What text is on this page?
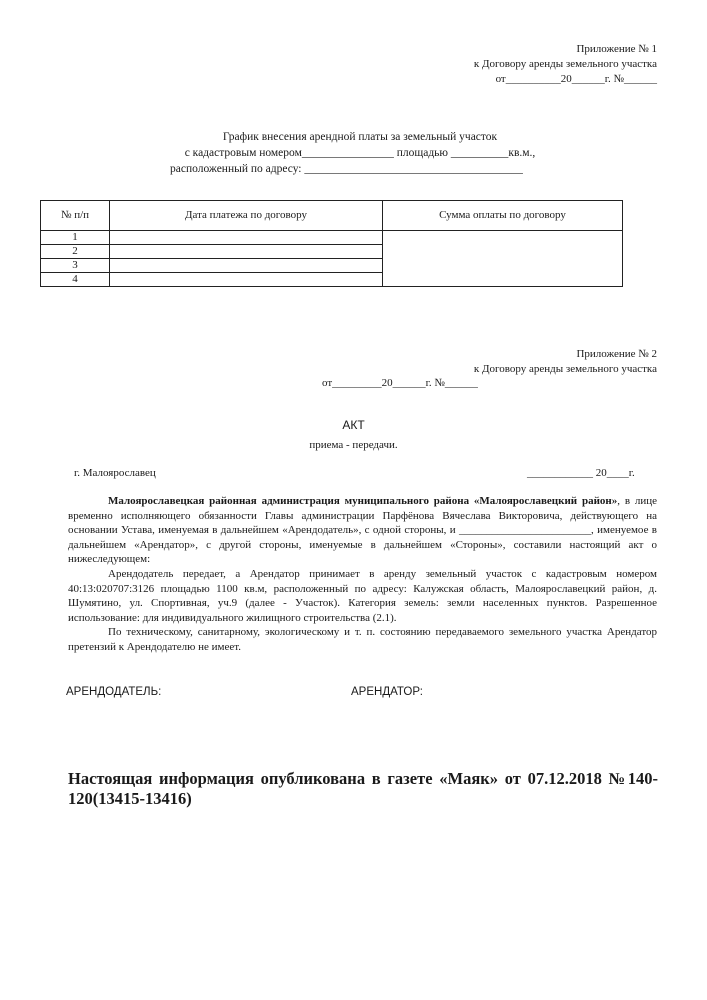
Приложение № 1
к Договору аренды земельного участка
от__________20______г. №______
График внесения арендной платы за земельный участок
с кадастровым номером________________ площадью __________кв.м.,
расположенный по адресу: ______________________________________
№ п/п	Дата платежа по договору	Сумма оплаты по договору
1		
2		
3		
4		
Приложение № 2
к Договору аренды земельного участка
от_________20______г. №______
АКТ
приема - передачи.
г. Малоярославец	____________ 20____г.

Малоярославецкая районная администрация муниципального района «Малоярославецкий район», в лице временно исполняющего обязанности Главы администрации Парфёнова Вячеслава Викторовича, действующего на основании Устава, именуемая в дальнейшем «Арендодатель», с одной стороны, и ________________________, именуемое в дальнейшем «Арендатор», с другой стороны, именуемые в дальнейшем «Стороны», составили настоящий акт о нижеследующем:

Арендодатель передает, а Арендатор принимает в аренду земельный участок с кадастровым номером 40:13:020707:3126 площадью 1100 кв.м, расположенный по адресу: Калужская область, Малоярославецкий район, д. Шумятино, ул. Спортивная, уч.9 (далее - Участок). Категория земель: земли населенных пунктов. Разрешенное использование: для индивидуального жилищного строительства (2.1).

По техническому, санитарному, экологическому и т. п. состоянию передаваемого земельного участка Арендатор претензий к Арендодателю не имеет.

АРЕНДОДАТЕЛЬ:	АРЕНДАТОР:
Настоящая информация опубликована в газете «Маяк» от 07.12.2018 №140-120(13415-13416)
